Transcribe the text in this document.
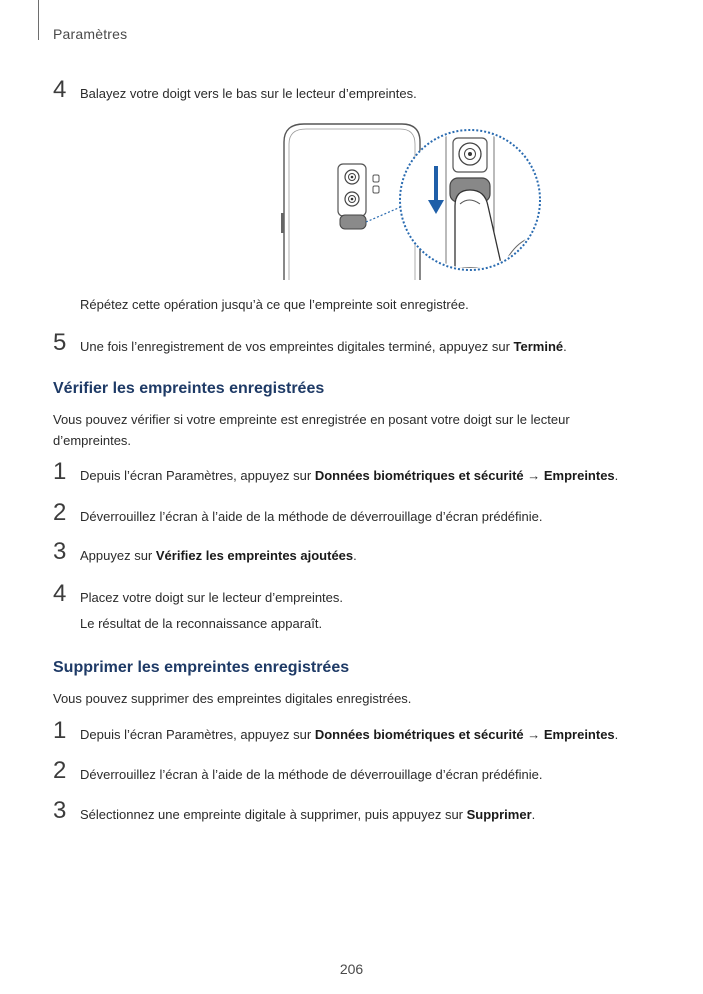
Paramètres
4 Balayez votre doigt vers le bas sur le lecteur d’empreintes.
Répétez cette opération jusqu’à ce que l’empreinte soit enregistrée.
5 Une fois l’enregistrement de vos empreintes digitales terminé, appuyez sur Terminé.
Vérifier les empreintes enregistrées
Vous pouvez vérifier si votre empreinte est enregistrée en posant votre doigt sur le lecteur d’empreintes.
1 Depuis l’écran Paramètres, appuyez sur Données biométriques et sécurité → Empreintes.
2 Déverrouillez l’écran à l’aide de la méthode de déverrouillage d’écran prédéfinie.
3 Appuyez sur Vérifiez les empreintes ajoutées.
4 Placez votre doigt sur le lecteur d’empreintes.
Le résultat de la reconnaissance apparaît.
Supprimer les empreintes enregistrées
Vous pouvez supprimer des empreintes digitales enregistrées.
1 Depuis l’écran Paramètres, appuyez sur Données biométriques et sécurité → Empreintes.
2 Déverrouillez l’écran à l’aide de la méthode de déverrouillage d’écran prédéfinie.
3 Sélectionnez une empreinte digitale à supprimer, puis appuyez sur Supprimer.
206
